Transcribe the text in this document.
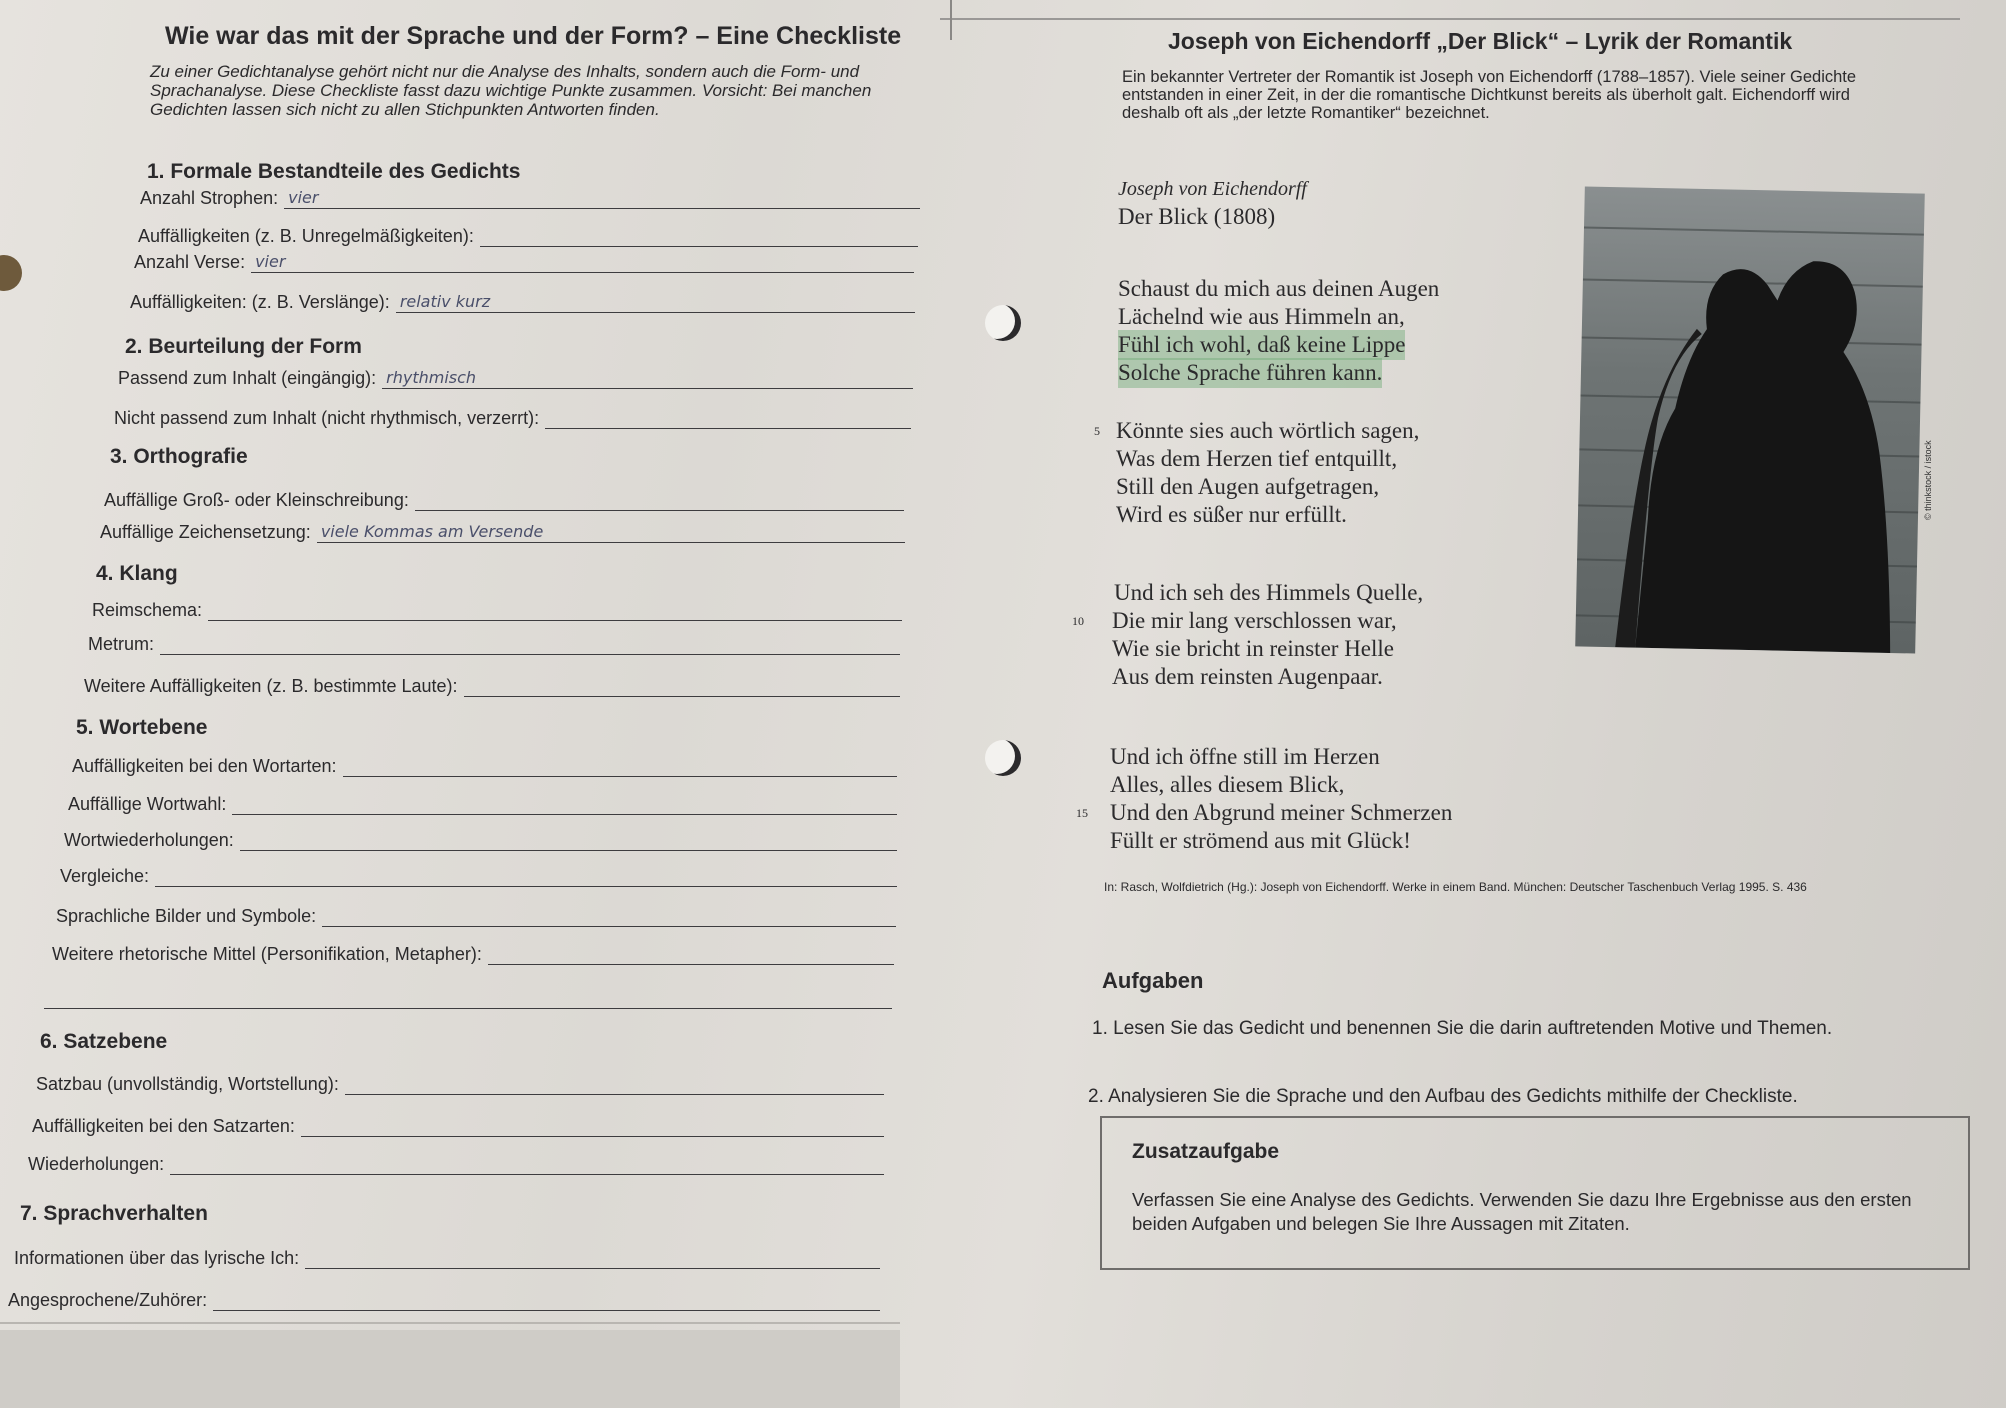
Wie war das mit der Sprache und der Form? – Eine Checkliste
Zu einer Gedichtanalyse gehört nicht nur die Analyse des Inhalts, sondern auch die Form- und Sprachanalyse. Diese Checkliste fasst dazu wichtige Punkte zusammen. Vorsicht: Bei manchen Gedichten lassen sich nicht zu allen Stichpunkten Antworten finden.
1. Formale Bestandteile des Gedichts
Anzahl Strophen: vier
Auffälligkeiten (z. B. Unregelmäßigkeiten):
Anzahl Verse: vier
Auffälligkeiten: (z. B. Verslänge): relativ kurz
2. Beurteilung der Form
Passend zum Inhalt (eingängig): rhythmisch
Nicht passend zum Inhalt (nicht rhythmisch, verzerrt):
3. Orthografie
Auffällige Groß- oder Kleinschreibung:
Auffällige Zeichensetzung: viele Kommas am Versende
4. Klang
Reimschema:
Metrum:
Weitere Auffälligkeiten (z. B. bestimmte Laute):
5. Wortebene
Auffälligkeiten bei den Wortarten:
Auffällige Wortwahl:
Wortwiederholungen:
Vergleiche:
Sprachliche Bilder und Symbole:
Weitere rhetorische Mittel (Personifikation, Metapher):
6. Satzebene
Satzbau (unvollständig, Wortstellung):
Auffälligkeiten bei den Satzarten:
Wiederholungen:
7. Sprachverhalten
Informationen über das lyrische Ich:
Angesprochene/Zuhörer:
Joseph von Eichendorff „Der Blick“ – Lyrik der Romantik
Ein bekannter Vertreter der Romantik ist Joseph von Eichendorff (1788–1857). Viele seiner Gedichte entstanden in einer Zeit, in der die romantische Dichtkunst bereits als überholt galt. Eichendorff wird deshalb oft als „der letzte Romantiker“ bezeichnet.
Joseph von Eichendorff
Der Blick (1808)
Schaust du mich aus deinen Augen
Lächelnd wie aus Himmeln an,
Fühl ich wohl, daß keine Lippe
Solche Sprache führen kann.
5 Könnte sies auch wörtlich sagen,
Was dem Herzen tief entquillt,
Still den Augen aufgetragen,
Wird es süßer nur erfüllt.
Und ich seh des Himmels Quelle,
10 Die mir lang verschlossen war,
Wie sie bricht in reinster Helle
Aus dem reinsten Augenpaar.
Und ich öffne still im Herzen
Alles, alles diesem Blick,
15 Und den Abgrund meiner Schmerzen
Füllt er strömend aus mit Glück!
In: Rasch, Wolfdietrich (Hg.): Joseph von Eichendorff. Werke in einem Band. München: Deutscher Taschenbuch Verlag 1995. S. 436
Aufgaben
1. Lesen Sie das Gedicht und benennen Sie die darin auftretenden Motive und Themen.
2. Analysieren Sie die Sprache und den Aufbau des Gedichts mithilfe der Checkliste.
Zusatzaufgabe
Verfassen Sie eine Analyse des Gedichts. Verwenden Sie dazu Ihre Ergebnisse aus den ersten beiden Aufgaben und belegen Sie Ihre Aussagen mit Zitaten.
© thinkstock / istock
